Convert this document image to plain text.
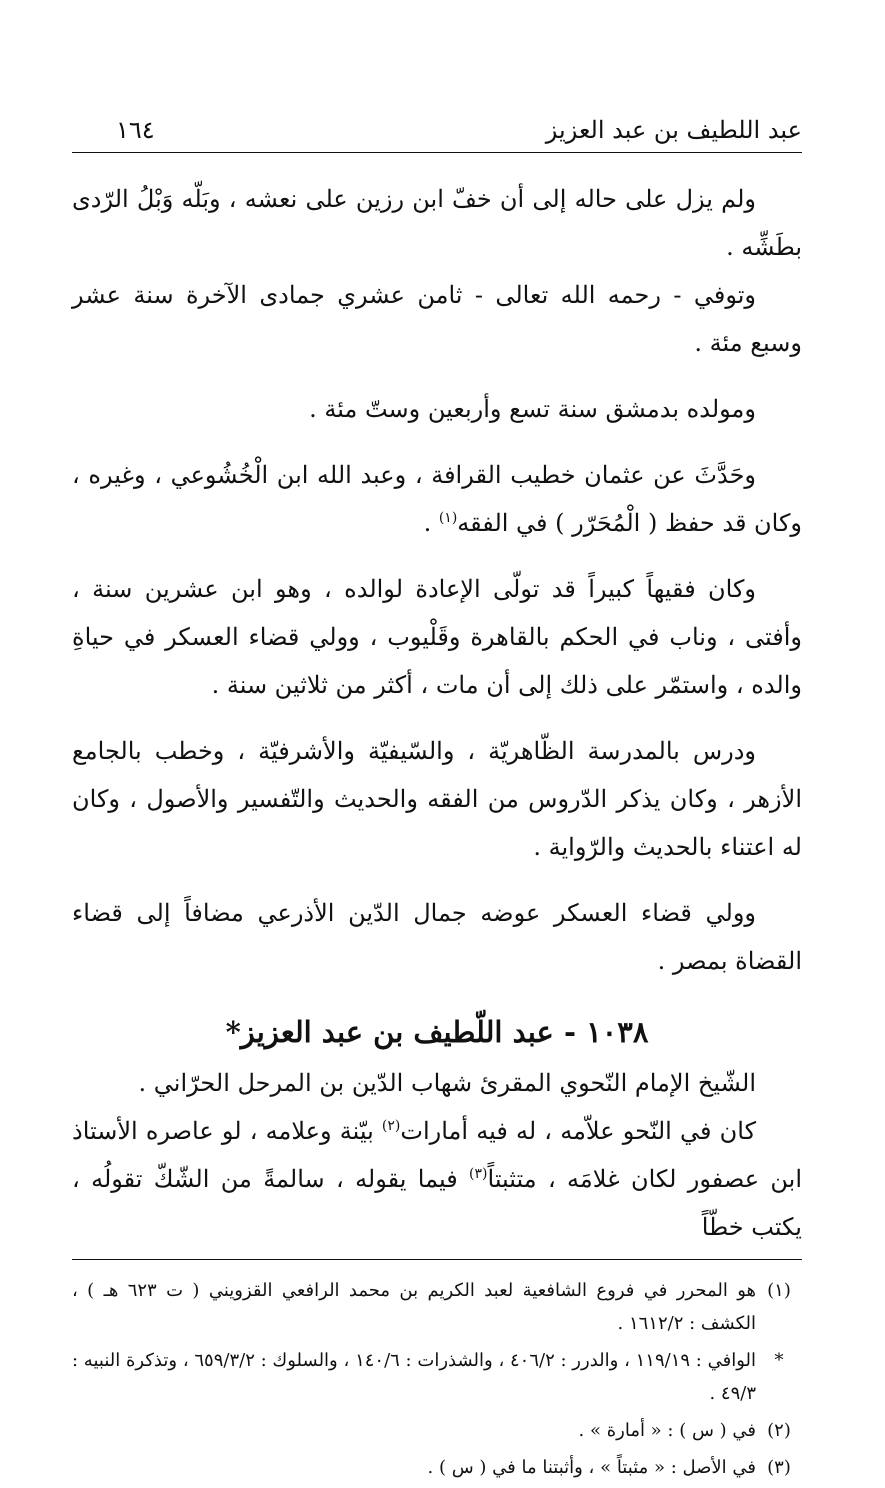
عبد اللطيف بن عبد العزيز
١٦٤

ولم يزل على حاله إلى أن خفّ ابن رزين على نعشه ، وبَلّه وَبْلُ الرّدى بطَشِّه .

وتوفي - رحمه الله تعالى - ثامن عشري جمادى الآخرة سنة عشر وسبع مئة .

ومولده بدمشق سنة تسع وأربعين وستّ مئة .

وحَدَّثَ عن عثمان خطيب القرافة ، وعبد الله ابن الْخُشُوعي ، وغيره ، وكان قد حفظ ( الْمُحَرّر ) في الفقه$^{(١)}$ .

وكان فقيهاً كبيراً قد تولّى الإعادة لوالده ، وهو ابن عشرين سنة ، وأفتى ، وناب في الحكم بالقاهرة وقَلْيوب ، وولي قضاء العسكر في حياةِ والده ، واستمّر على ذلك إلى أن مات ، أكثر من ثلاثين سنة .

ودرس بالمدرسة الظّاهريّة ، والسّيفيّة والأشرفيّة ، وخطب بالجامع الأزهر ، وكان يذكر الدّروس من الفقه والحديث والتّفسير والأصول ، وكان له اعتناء بالحديث والرّواية .

وولي قضاء العسكر عوضه جمال الدّين الأذرعي مضافاً إلى قضاء القضاة بمصر .

١٠٣٨ - عبد اللّطيف بن عبد العزيز*

الشّيخ الإمام النّحوي المقرئ شهاب الدّين بن المرحل الحرّاني .

كان في النّحو علاّمه ، له فيه أمارات$^{(٢)}$ بيّنة وعلامه ، لو عاصره الأستاذ ابن عصفور لكان غلامَه ، متثبتاً$^{(٣)}$ فيما يقوله ، سالمةً من الشّكّ تقولُه ، يكتب خطّاً

(١)
هو المحرر في فروع الشافعية لعبد الكريم بن محمد الرافعي القزويني ( ت ٦٢٣ هـ ) ، الكشف : ١٦١٢/٢ .
*
الوافي : ١١٩/١٩ ، والدرر : ٤٠٦/٢ ، والشذرات : ١٤٠/٦ ، والسلوك : ٦٥٩/٣/٢ ، وتذكرة النبيه : ٤٩/٣ .
(٢)
في ( س ) : « أمارة » .
(٣)
في الأصل : « مثبتاً » ، وأثبتنا ما في ( س ) .
